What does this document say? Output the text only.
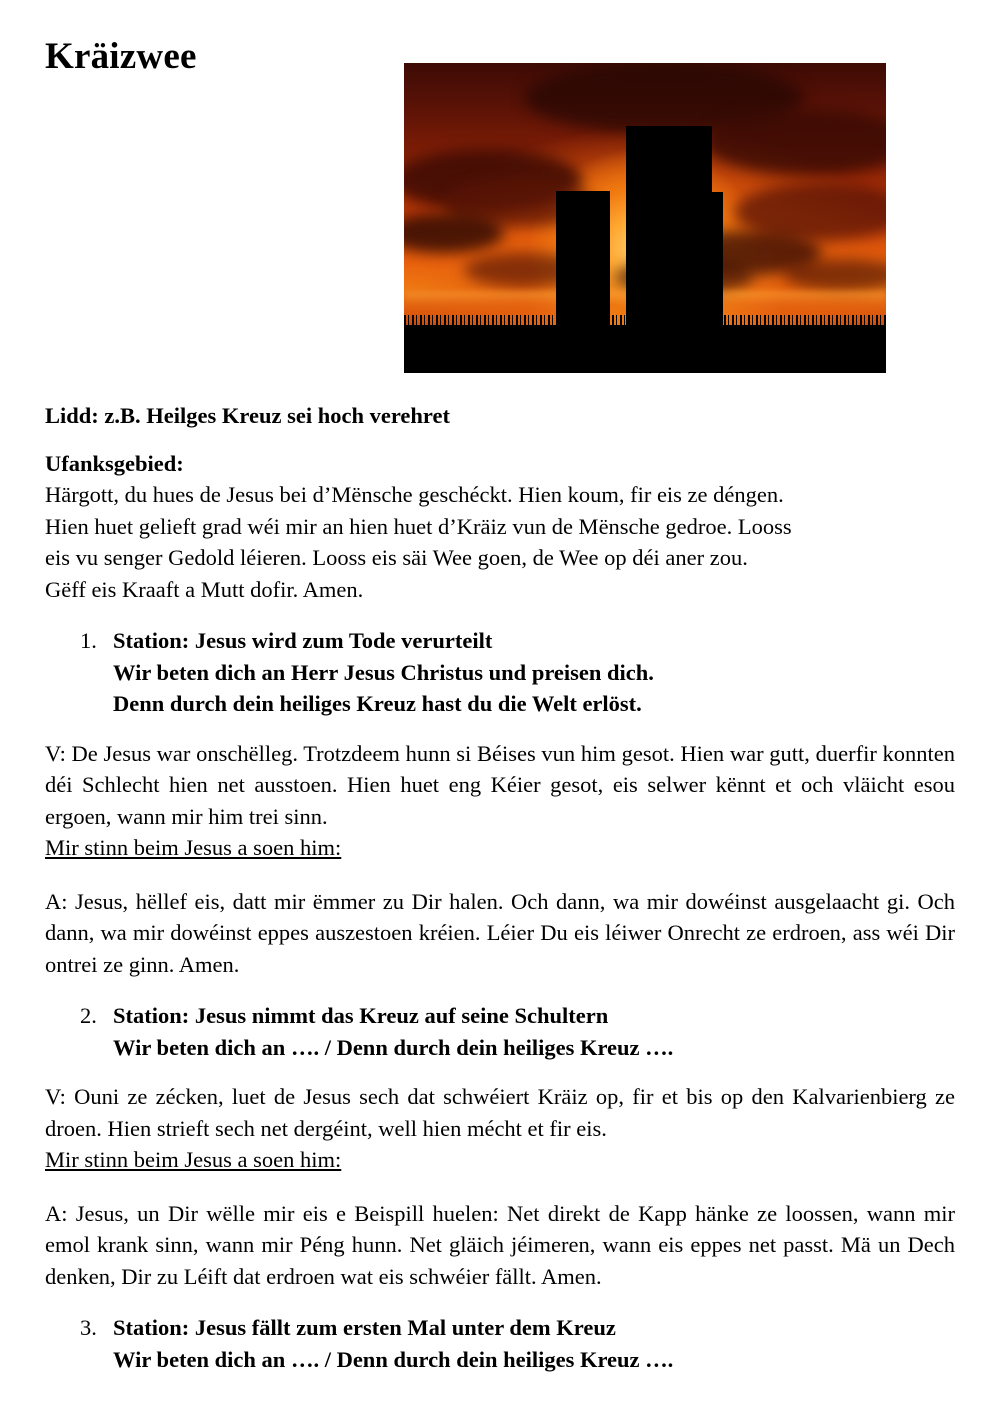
Kräizwee

Lidd: z.B. Heilges Kreuz sei hoch verehret

Ufanksgebied:

Härgott, du hues de Jesus bei d’Mënsche geschéckt. Hien koum, fir eis ze déngen.
Hien huet gelieft grad wéi mir an hien huet d’Kräiz vun de Mënsche gedroe. Looss
eis vu senger Gedold léieren. Looss eis säi Wee goen, de Wee op déi aner zou.
Gëff eis Kraaft a Mutt dofir. Amen.
1. Station: Jesus wird zum Tode verurteilt
Wir beten dich an Herr Jesus Christus und preisen dich.
Denn durch dein heiliges Kreuz hast du die Welt erlöst.

V: De Jesus war onschëlleg. Trotzdeem hunn si Béises vun him gesot. Hien war gutt, duerfir konnten déi Schlecht hien net ausstoen. Hien huet eng Kéier gesot, eis selwer kënnt et och vläicht esou ergoen, wann mir him trei sinn.

Mir stinn beim Jesus a soen him:

A: Jesus, hëllef eis, datt mir ëmmer zu Dir halen. Och dann, wa mir dowéinst ausgelaacht gi. Och dann, wa mir dowéinst eppes auszestoen kréien. Léier Du eis léiwer Onrecht ze erdroen, ass wéi Dir ontrei ze ginn. Amen.

2. Station: Jesus nimmt das Kreuz auf seine Schultern
Wir beten dich an …. / Denn durch dein heiliges Kreuz ….

V: Ouni ze zécken, luet de Jesus sech dat schwéiert Kräiz op, fir et bis op den Kalvarienbierg ze droen. Hien strieft sech net dergéint, well hien mécht et fir eis.

Mir stinn beim Jesus a soen him:

A: Jesus, un Dir wëlle mir eis e Beispill huelen: Net direkt de Kapp hänke ze loossen, wann mir emol krank sinn, wann mir Péng hunn. Net gläich jéimeren, wann eis eppes net passt. Mä un Dech denken, Dir zu Léift dat erdroen wat eis schwéier fällt. Amen.

3. Station: Jesus fällt zum ersten Mal unter dem Kreuz
Wir beten dich an …. / Denn durch dein heiliges Kreuz ….
